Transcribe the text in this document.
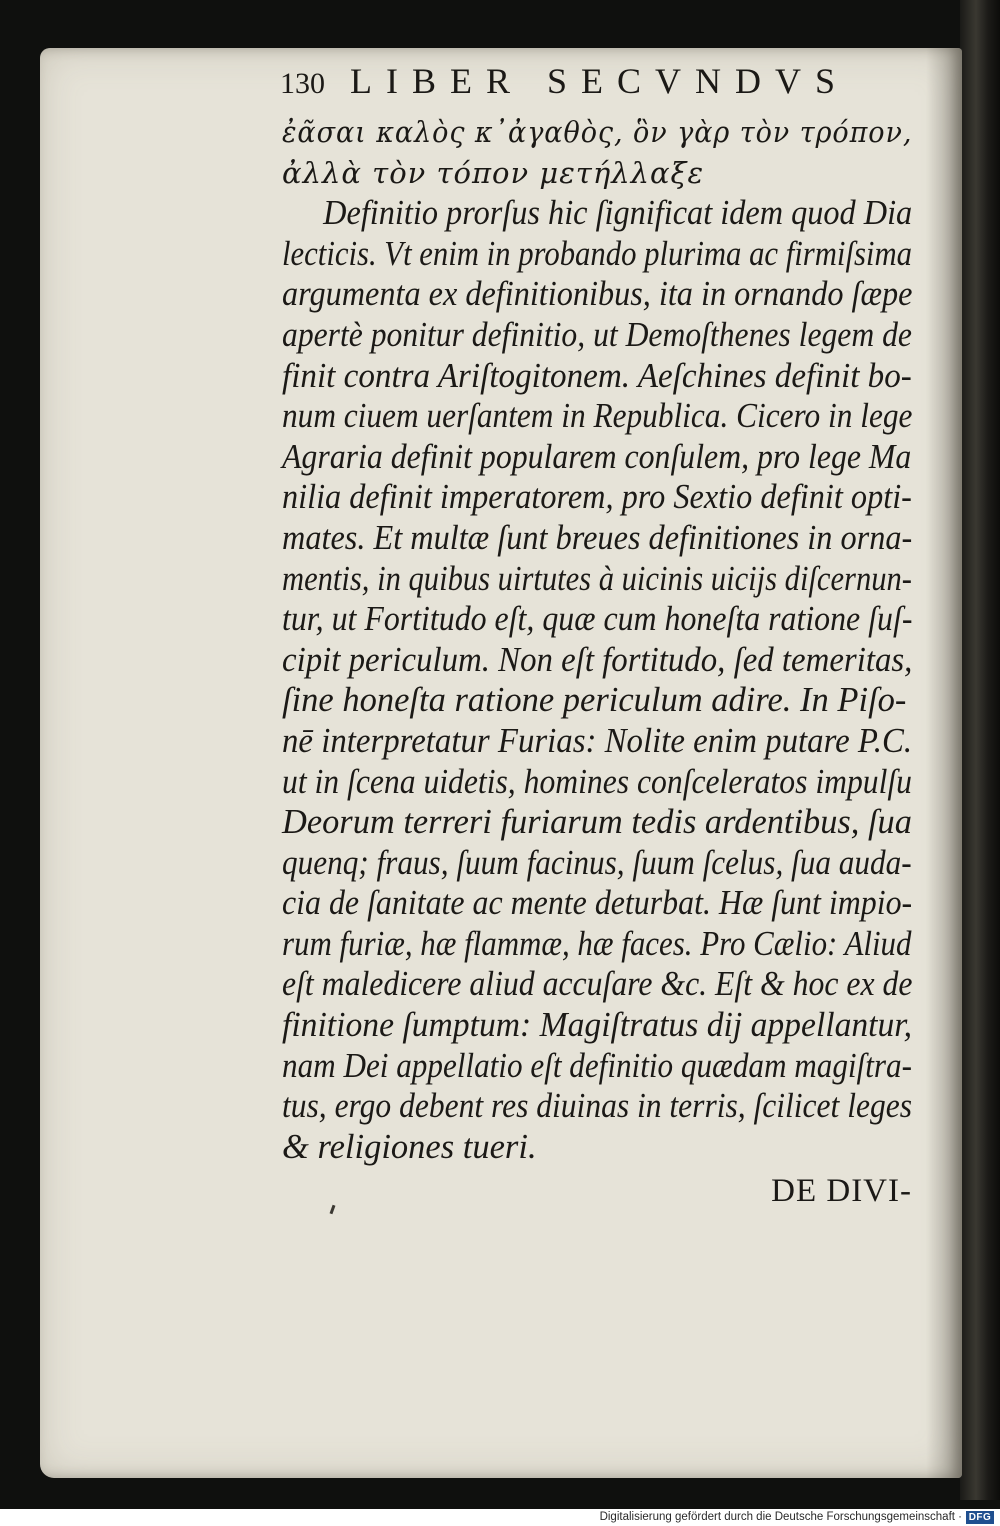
130 LIBER SECVNDVS
ἐᾶσαι καλὸς κ᾽ἀγαθὸς, ὃν γὰρ τὸν τρόπον,
ἀλλὰ τὸν τόπον μετήλλαξε
Definitio prorſus hic ſignificat idem quod Dia
lecticis. Vt enim in probando plurima ac firmiſsima
argumenta ex definitionibus, ita in ornando ſæpe
apertè ponitur definitio, ut Demoſthenes legem de
finit contra Ariſtogitonem. Aeſchines definit bo-
num ciuem uerſantem in Republica. Cicero in lege
Agraria definit popularem conſulem, pro lege Ma
nilia definit imperatorem, pro Sextio definit opti-
mates. Et multæ ſunt breues definitiones in orna-
mentis, in quibus uirtutes à uicinis uicijs diſcernun-
tur, ut Fortitudo eſt, quæ cum honeſta ratione ſuſ-
cipit periculum. Non eſt fortitudo, ſed temeritas,
ſine honeſta ratione periculum adire. In Piſo-
nē interpretatur Furias: Nolite enim putare P.C.
ut in ſcena uidetis, homines conſceleratos impulſu
Deorum terreri furiarum tedis ardentibus, ſua
quenq; fraus, ſuum facinus, ſuum ſcelus, ſua auda-
cia de ſanitate ac mente deturbat. Hæ ſunt impio-
rum furiæ, hæ flammæ, hæ faces. Pro Cælio: Aliud
eſt maledicere aliud accuſare &c. Eſt & hoc ex de
finitione ſumptum: Magiſtratus dij appellantur,
nam Dei appellatio eſt definitio quædam magiſtra-
tus, ergo debent res diuinas in terris, ſcilicet leges
& religiones tueri.
DE DIVI-
Digitalisierung gefördert durch die Deutsche Forschungsgemeinschaft · DFG
